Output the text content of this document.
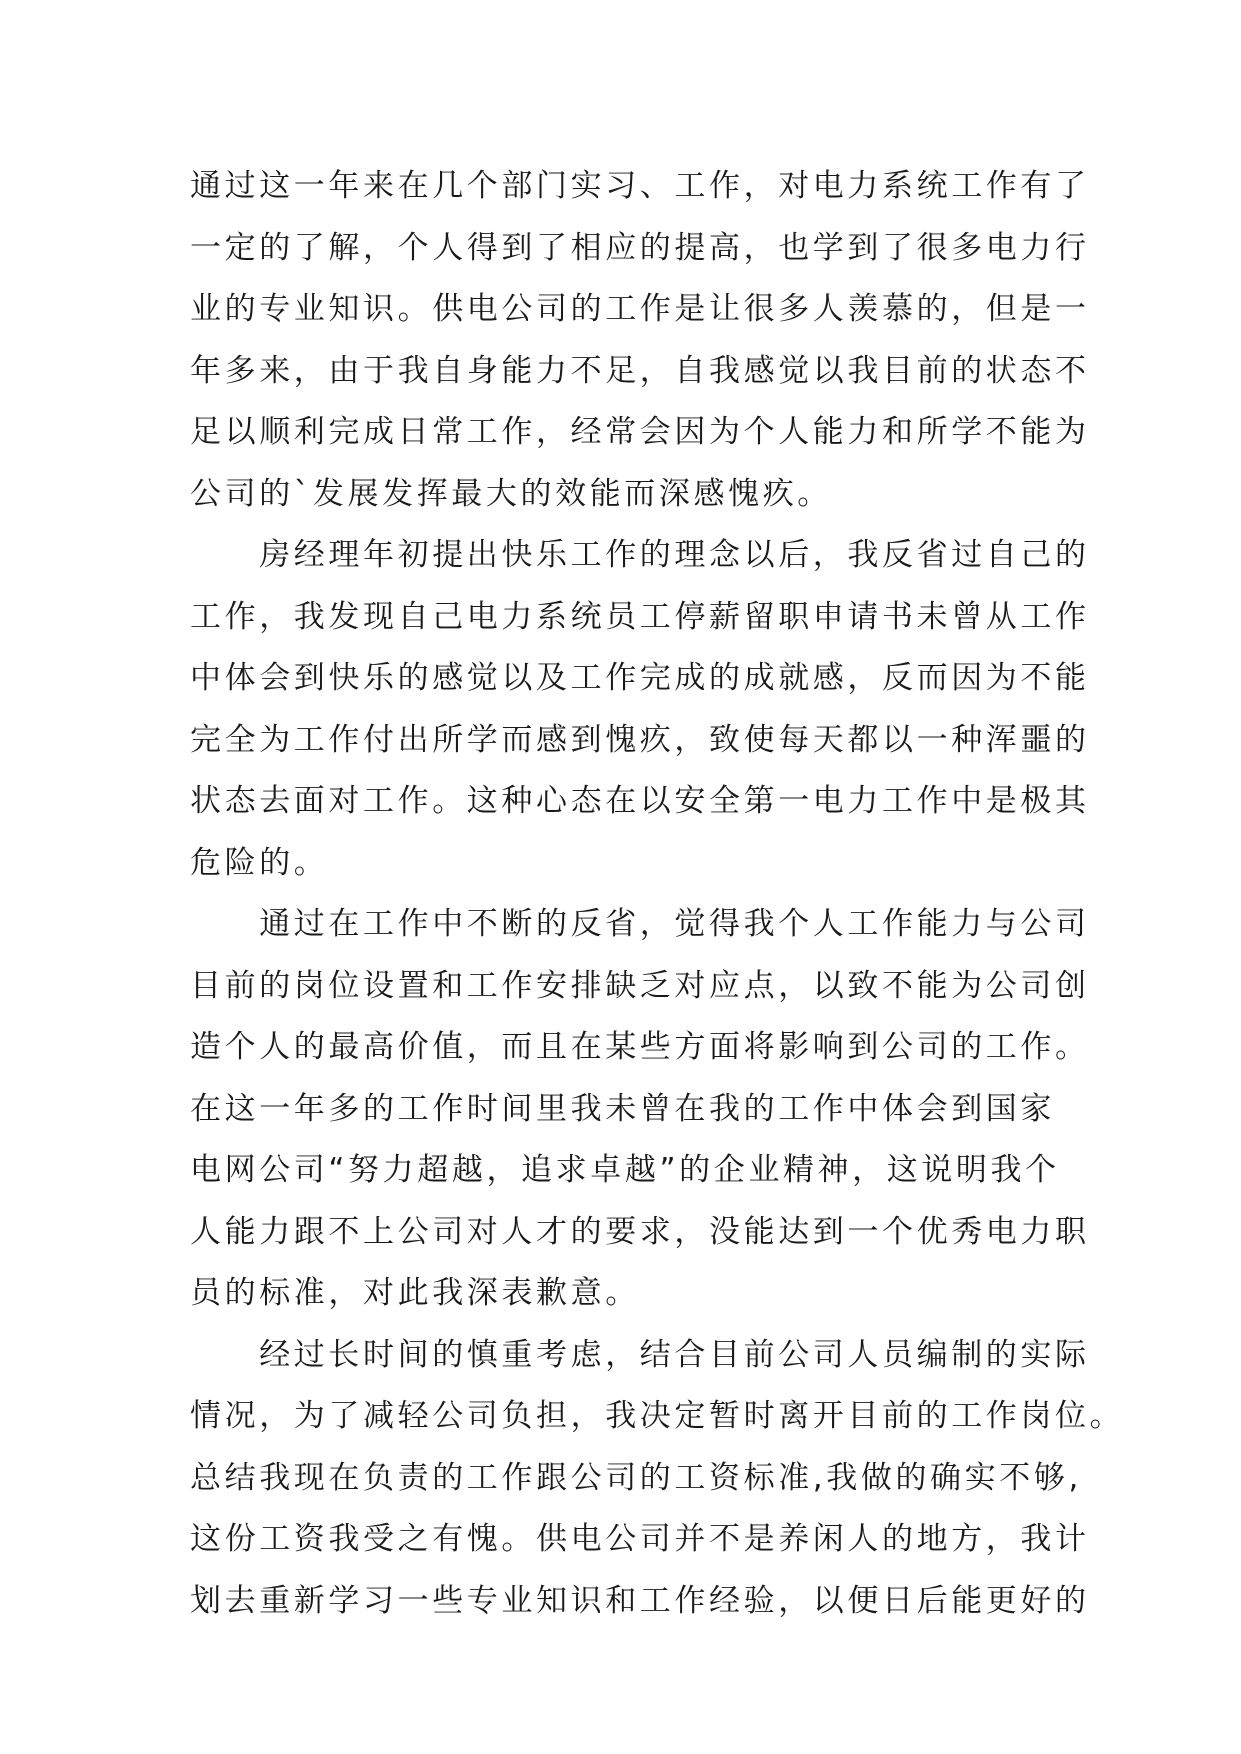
通过这一年来在几个部门实习、工作，对电力系统工作有了
一定的了解，个人得到了相应的提高，也学到了很多电力行
业的专业知识。供电公司的工作是让很多人羡慕的，但是一
年多来，由于我自身能力不足，自我感觉以我目前的状态不
足以顺利完成日常工作，经常会因为个人能力和所学不能为
公司的`发展发挥最大的效能而深感愧疚。
　　房经理年初提出快乐工作的理念以后，我反省过自己的
工作，我发现自己电力系统员工停薪留职申请书未曾从工作
中体会到快乐的感觉以及工作完成的成就感，反而因为不能
完全为工作付出所学而感到愧疚，致使每天都以一种浑噩的
状态去面对工作。这种心态在以安全第一电力工作中是极其
危险的。
　　通过在工作中不断的反省，觉得我个人工作能力与公司
目前的岗位设置和工作安排缺乏对应点，以致不能为公司创
造个人的最高价值，而且在某些方面将影响到公司的工作。
在这一年多的工作时间里我未曾在我的工作中体会到国家
电网公司“努力超越，追求卓越”的企业精神，这说明我个
人能力跟不上公司对人才的要求，没能达到一个优秀电力职
员的标准，对此我深表歉意。
　　经过长时间的慎重考虑，结合目前公司人员编制的实际
情况，为了减轻公司负担，我决定暂时离开目前的工作岗位。
总结我现在负责的工作跟公司的工资标准,我做的确实不够,
这份工资我受之有愧。供电公司并不是养闲人的地方，我计
划去重新学习一些专业知识和工作经验，以便日后能更好的
